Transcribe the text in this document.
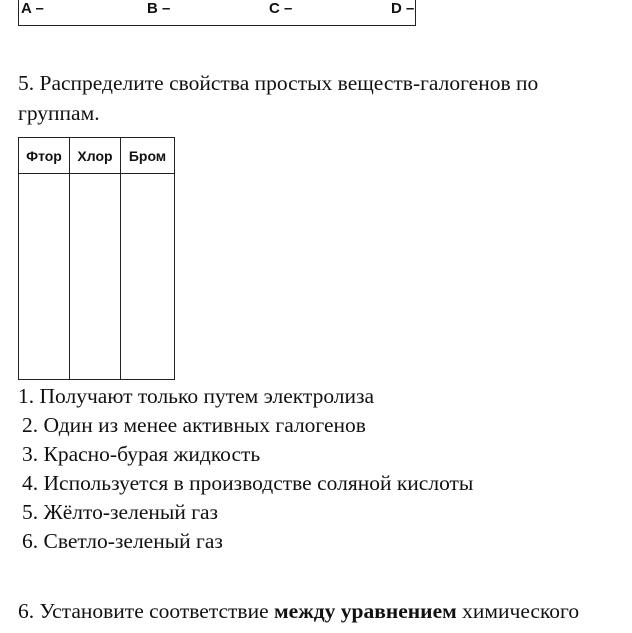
A –	B –	C –	D –
5. Распределите свойства простых веществ-галогенов по
группам.
Фтор	Хлор	Бром

1. Получают только путем электролиза
2. Один из менее активных галогенов
3. Красно-бурая жидкость
4. Используется в производстве соляной кислоты
5. Жёлто-зеленый газ
6. Светло-зеленый газ
6. Установите соответствие между уравнением химического
